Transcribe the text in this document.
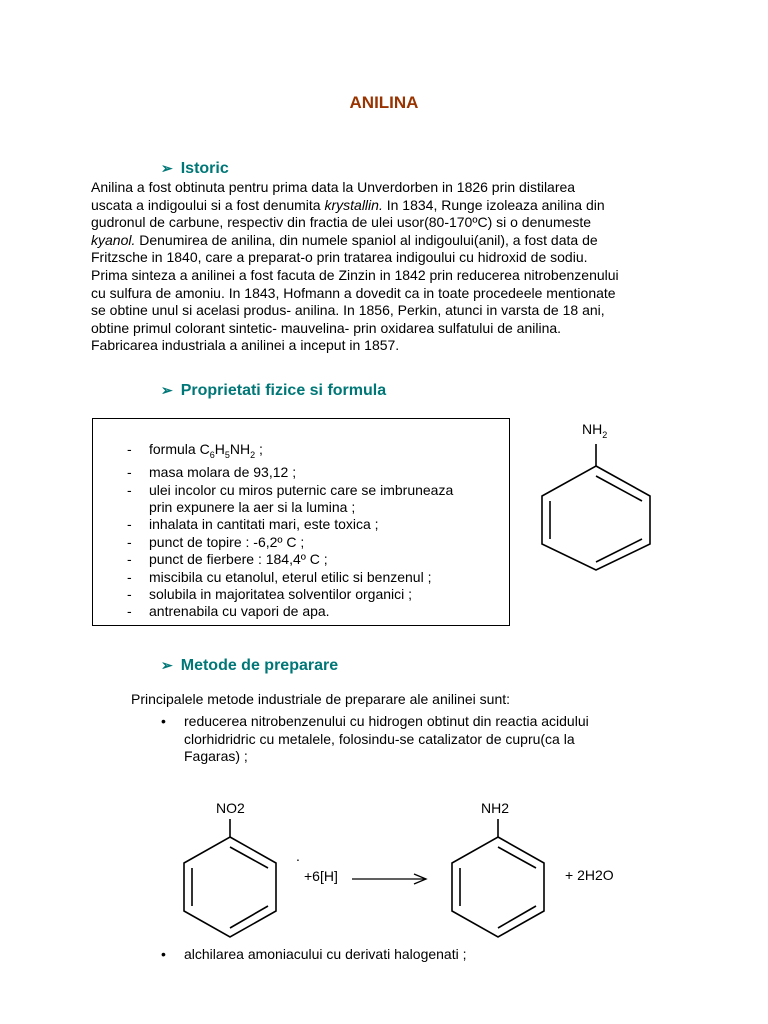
ANILINA
➢ Istoric
Anilina a fost obtinuta pentru prima data la Unverdorben in 1826 prin distilarea
uscata a indigoului si a fost denumita krystallin. In 1834, Runge izoleaza anilina din
gudronul de carbune, respectiv din fractia de ulei usor(80-170ºC) si o denumeste
kyanol. Denumirea de anilina, din numele spaniol al indigoului(anil), a fost data de
Fritzsche in 1840, care a preparat-o prin tratarea indigoului cu hidroxid de sodiu.
Prima sinteza a anilinei a fost facuta de Zinzin in 1842 prin reducerea nitrobenzenului
cu sulfura de amoniu. In 1843, Hofmann a dovedit ca in toate procedeele mentionate
se obtine unul si acelasi produs- anilina. In 1856, Perkin, atunci in varsta de 18 ani,
obtine primul colorant sintetic- mauvelina- prin oxidarea sulfatului de anilina.
Fabricarea industriala a anilinei a inceput in 1857.
➢ Proprietati fizice si formula
-	formula $C_6H_5NH_2$ ;
-	masa molara de 93,12 ;
-	ulei incolor cu miros puternic care se imbruneaza
prin expunere la aer si la lumina ;
-	inhalata in cantitati mari, este toxica ;
-	punct de topire : -6,2º C ;
-	punct de fierbere : 184,4º C ;
-	miscibila cu etanolul, eterul etilic si benzenul ;
-	solubila in majoritatea solventilor organici ;
-	antrenabila cu vapori de apa.
$NH_2$
➢ Metode de preparare
Principalele metode industriale de preparare ale anilinei sunt:
• reducerea nitrobenzenului cu hidrogen obtinut din reactia acidului
clorhidridric cu metalele, folosindu-se catalizator de cupru(ca la
Fagaras) ;
NO2
.
+6[H]
NH2
+ 2H2O
• alchilarea amoniacului cu derivati halogenati ;
